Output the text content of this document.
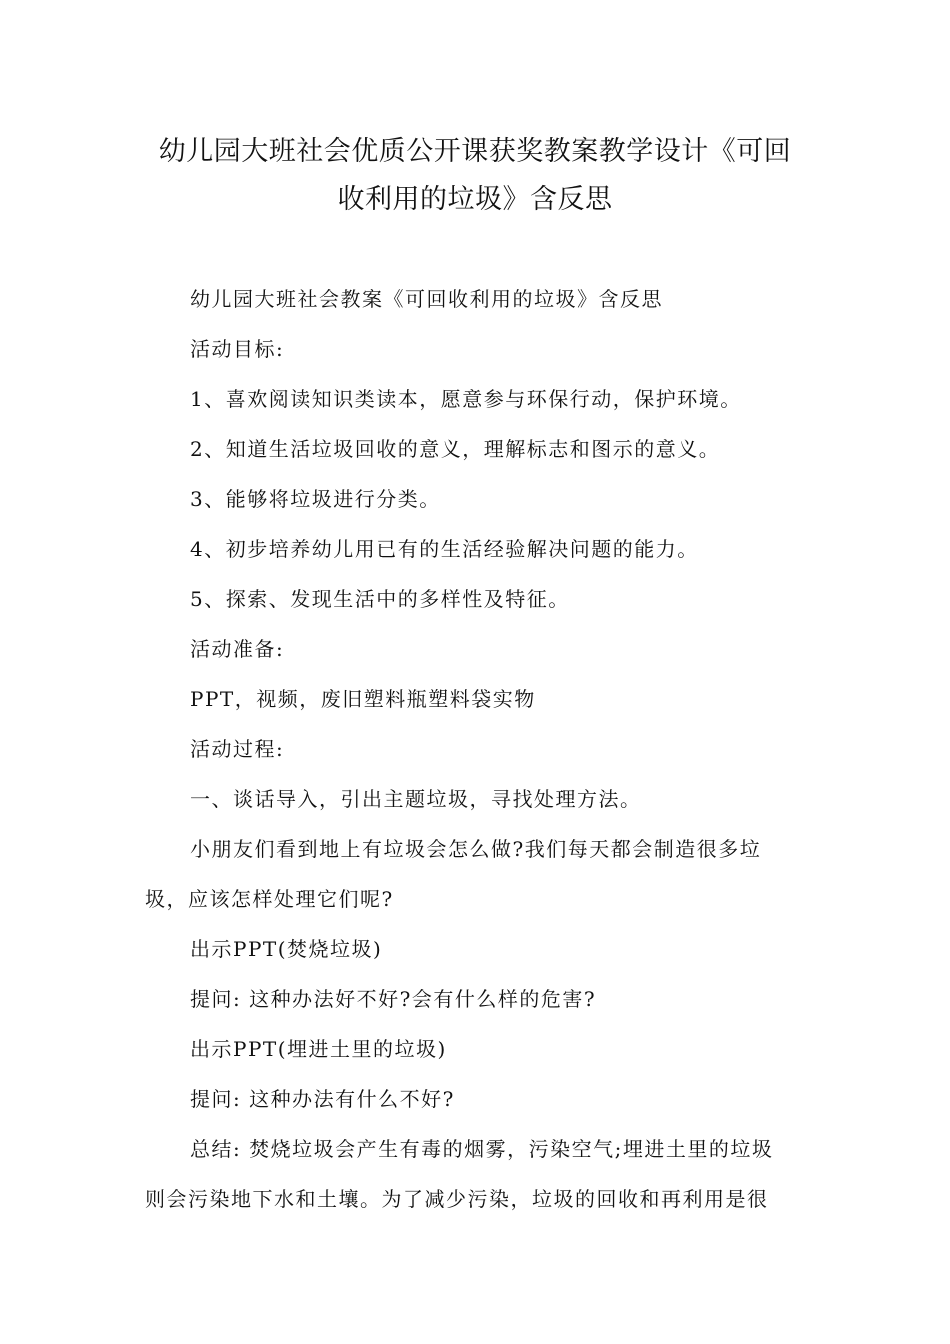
幼儿园大班社会优质公开课获奖教案教学设计《可回
收利用的垃圾》含反思

幼儿园大班社会教案《可回收利用的垃圾》含反思

活动目标:

1、喜欢阅读知识类读本，愿意参与环保行动，保护环境。

2、知道生活垃圾回收的意义，理解标志和图示的意义。

3、能够将垃圾进行分类。

4、初步培养幼儿用已有的生活经验解决问题的能力。

5、探索、发现生活中的多样性及特征。

活动准备:

PPT，视频，废旧塑料瓶塑料袋实物

活动过程:

一、谈话导入，引出主题垃圾，寻找处理方法。

小朋友们看到地上有垃圾会怎么做?我们每天都会制造很多垃
圾，应该怎样处理它们呢?

出示PPT(焚烧垃圾)

提问: 这种办法好不好?会有什么样的危害?

出示PPT(埋进土里的垃圾)

提问: 这种办法有什么不好?

总结: 焚烧垃圾会产生有毒的烟雾，污染空气;埋进土里的垃圾
则会污染地下水和土壤。为了减少污染，垃圾的回收和再利用是很
